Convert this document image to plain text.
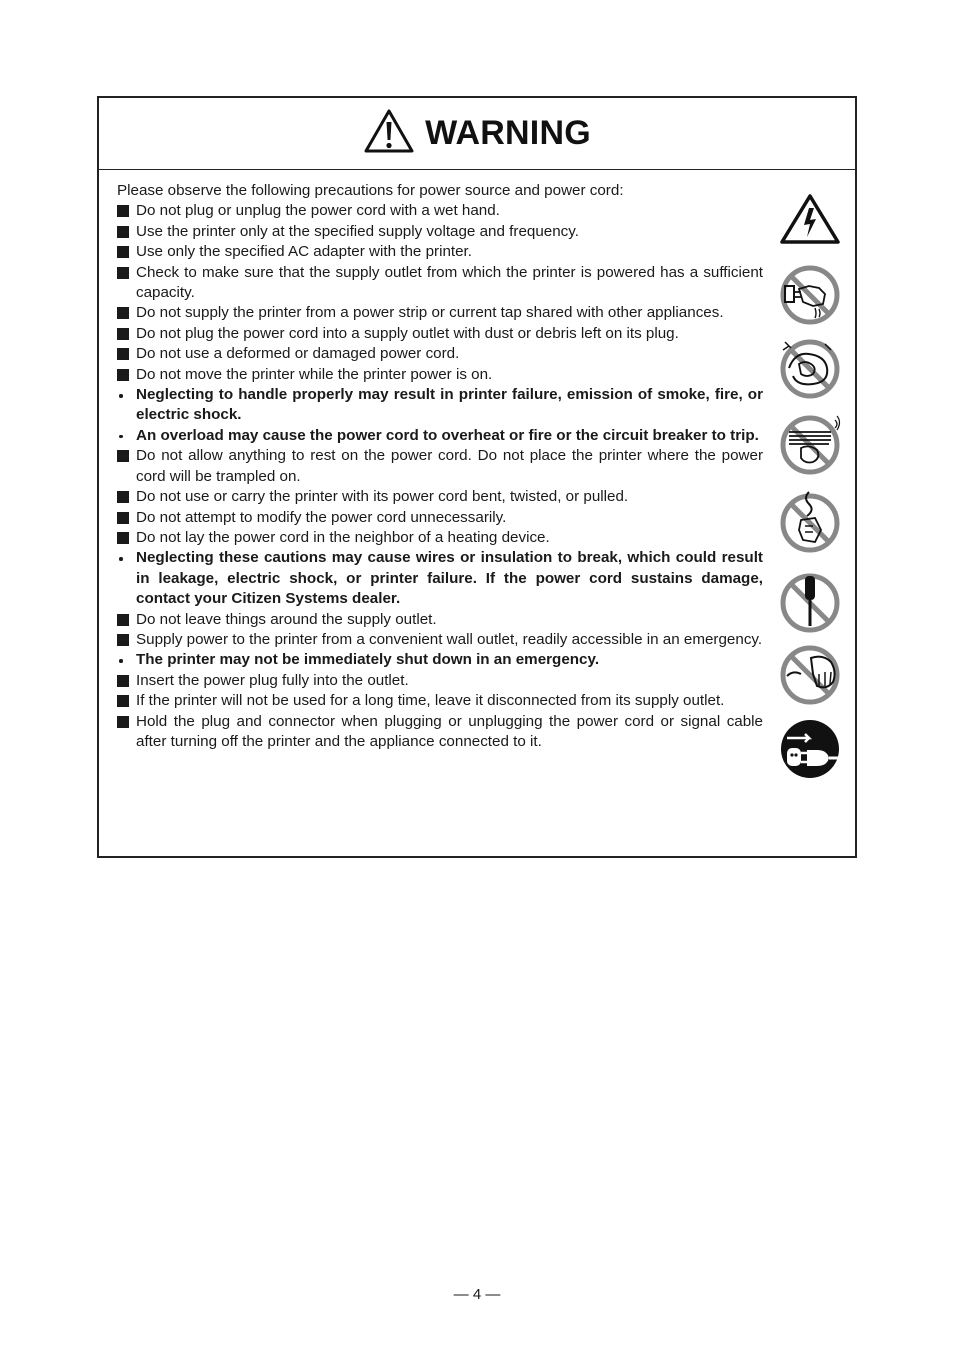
WARNING
Please observe the following precautions for power source and power cord:
Do not plug or unplug the power cord with a wet hand.
Use the printer only at the specified supply voltage and frequency.
Use only the specified AC adapter with the printer.
Check to make sure that the supply outlet from which the printer is powered has a sufficient capacity.
Do not supply the printer from a power strip or current tap shared with other appliances.
Do not plug the power cord into a supply outlet with dust or debris left on its plug.
Do not use a deformed or damaged power cord.
Do not move the printer while the printer power is on.
Neglecting to handle properly may result in printer failure, emission of smoke, fire, or electric shock.
An overload may cause the power cord to overheat or fire or the circuit breaker to trip.
Do not allow anything to rest on the power cord. Do not place the printer where the power cord will be trampled on.
Do not use or carry the printer with its power cord bent, twisted, or pulled.
Do not attempt to modify the power cord unnecessarily.
Do not lay the power cord in the neighbor of a heating device.
Neglecting these cautions may cause wires or insulation to break, which could result in leakage, electric shock, or printer failure. If the power cord sustains damage, contact your Citizen Systems dealer.
Do not leave things around the supply outlet.
Supply power to the printer from a convenient wall outlet, readily accessible in an emergency.
The printer may not be immediately shut down in an emergency.
Insert the power plug fully into the outlet.
If the printer will not be used for a long time, leave it disconnected from its supply outlet.
Hold the plug and connector when plugging or unplugging the power cord or signal cable after turning off the printer and the appliance connected to it.
— 4 —
